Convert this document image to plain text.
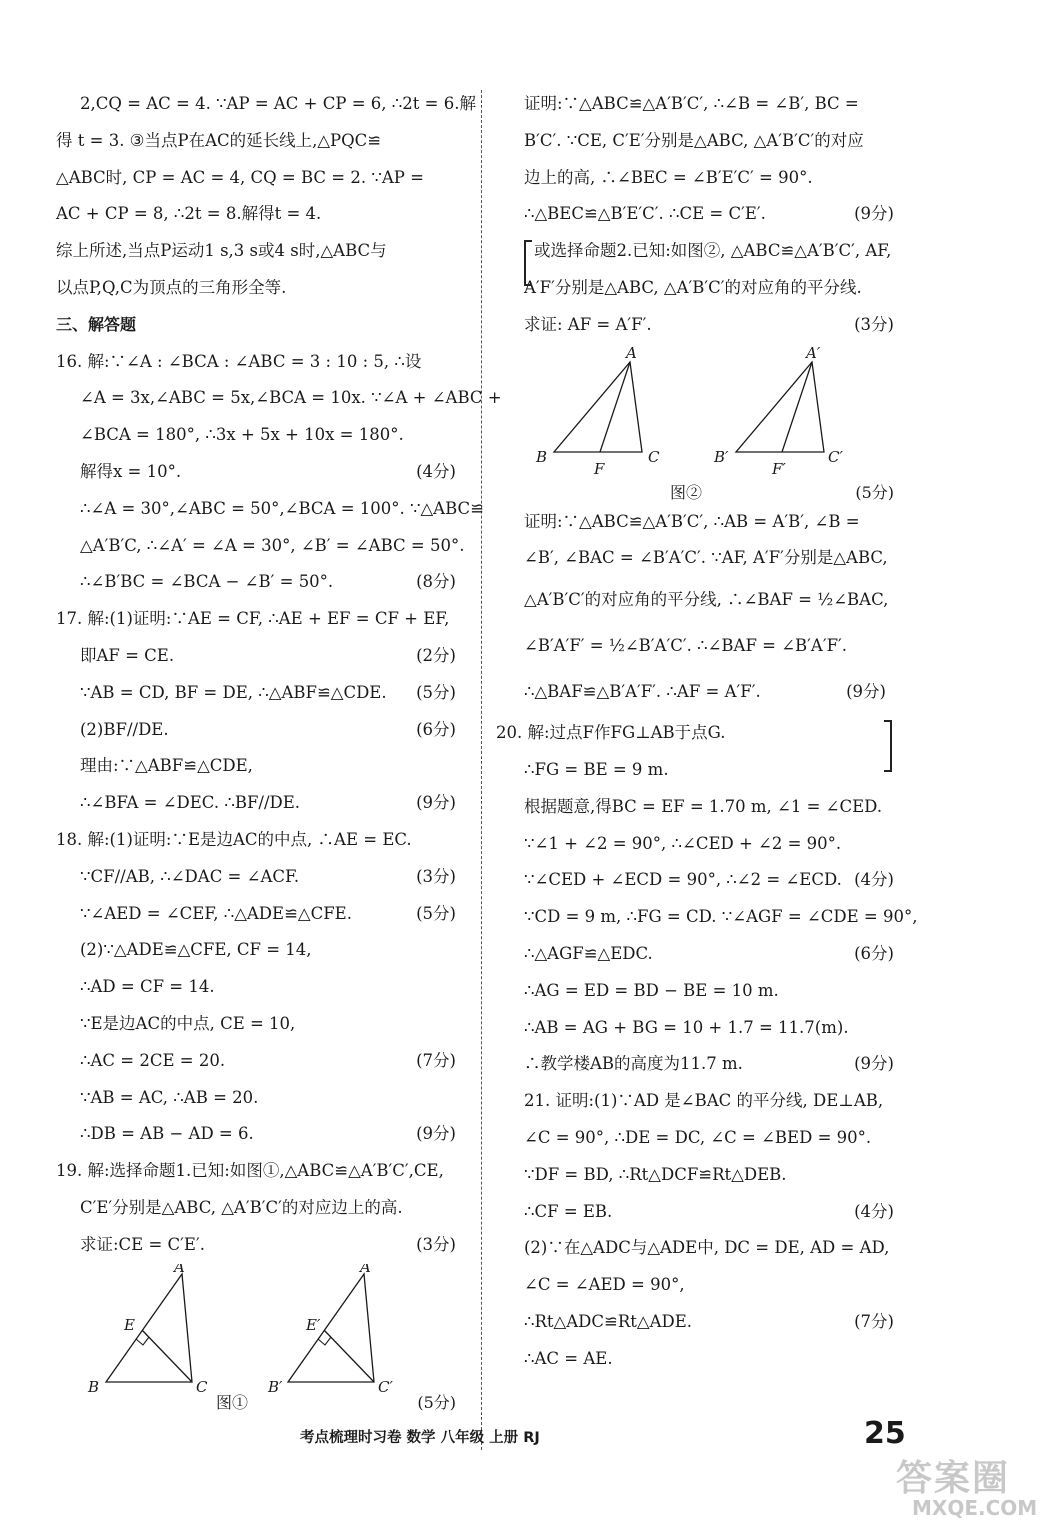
2,CQ = AC = 4. ∵AP = AC + CP = 6, ∴2t = 6.解
得 t = 3. ③当点P在AC的延长线上,△PQC≌
△ABC时, CP = AC = 4, CQ = BC = 2. ∵AP =
AC + CP = 8, ∴2t = 8.解得t = 4.
综上所述,当点P运动1 s,3 s或4 s时,△ABC与
以点P,Q,C为顶点的三角形全等.
三、解答题
16. 解:∵∠A : ∠BCA : ∠ABC = 3 : 10 : 5, ∴设
∠A = 3x,∠ABC = 5x,∠BCA = 10x. ∵∠A + ∠ABC +
∠BCA = 180°, ∴3x + 5x + 10x = 180°.
解得x = 10°.	(4分)
∴∠A = 30°,∠ABC = 50°,∠BCA = 100°. ∵△ABC≌
△A′B′C, ∴∠A′ = ∠A = 30°, ∠B′ = ∠ABC = 50°.
∴∠B′BC = ∠BCA − ∠B′ = 50°.	(8分)
17. 解:(1)证明:∵AE = CF, ∴AE + EF = CF + EF,
即AF = CE.	(2分)
∵AB = CD, BF = DE, ∴△ABF≌△CDE. (5分)
(2)BF//DE.	(6分)
理由:∵△ABF≌△CDE,
∴∠BFA = ∠DEC. ∴BF//DE.	(9分)
18. 解:(1)证明:∵E是边AC的中点, ∴AE = EC.
∵CF//AB, ∴∠DAC = ∠ACF.	(3分)
∵∠AED = ∠CEF, ∴△ADE≌△CFE.	(5分)
(2)∵△ADE≌△CFE, CF = 14,
∴AD = CF = 14.
∵E是边AC的中点, CE = 10,
∴AC = 2CE = 20.	(7分)
∵AB = AC, ∴AB = 20.
∴DB = AB − AD = 6.	(9分)
19. 解:选择命题1.已知:如图①,△ABC≌△A′B′C′,CE,
C′E′分别是△ABC, △A′B′C′的对应边上的高.
求证:CE = C′E′.	(3分)
A
B	C
E
A′
B′	C′
E′
图①	(5分)
证明:∵△ABC≌△A′B′C′, ∴∠B = ∠B′, BC =
B′C′. ∵CE, C′E′分别是△ABC, △A′B′C′的对应
边上的高, ∴∠BEC = ∠B′E′C′ = 90°.
∴△BEC≌△B′E′C′. ∴CE = C′E′.	(9分)
或选择命题2.已知:如图②, △ABC≌△A′B′C′, AF,
A′F′分别是△ABC, △A′B′C′的对应角的平分线.
求证: AF = A′F′.	(3分)
A
B	C
F
A′
B′	C′
F′
图②	(5分)
证明:∵△ABC≌△A′B′C′, ∴AB = A′B′, ∠B =
∠B′, ∠BAC = ∠B′A′C′. ∵AF, A′F′分别是△ABC,
△A′B′C′的对应角的平分线, ∴∠BAF = ½∠BAC,
∠B′A′F′ = ½∠B′A′C′. ∴∠BAF = ∠B′A′F′.
∴△BAF≌△B′A′F′. ∴AF = A′F′.	(9分)
20. 解:过点F作FG⊥AB于点G.
∴FG = BE = 9 m.
根据题意,得BC = EF = 1.70 m, ∠1 = ∠CED.
∵∠1 + ∠2 = 90°, ∴∠CED + ∠2 = 90°.
∵∠CED + ∠ECD = 90°, ∴∠2 = ∠ECD. (4分)
∵CD = 9 m, ∴FG = CD. ∵∠AGF = ∠CDE = 90°,
∴△AGF≌△EDC.	(6分)
∴AG = ED = BD − BE = 10 m.
∴AB = AG + BG = 10 + 1.7 = 11.7(m).
∴教学楼AB的高度为11.7 m.	(9分)
21. 证明:(1)∵AD 是∠BAC 的平分线, DE⊥AB,
∠C = 90°, ∴DE = DC, ∠C = ∠BED = 90°.
∵DF = BD, ∴Rt△DCF≌Rt△DEB.
∴CF = EB.	(4分)
(2)∵在△ADC与△ADE中, DC = DE, AD = AD,
∠C = ∠AED = 90°,
∴Rt△ADC≌Rt△ADE.	(7分)
∴AC = AE.
考点梳理时习卷 数学 八年级 上册 RJ	25
答案圈
MXQE.COM
